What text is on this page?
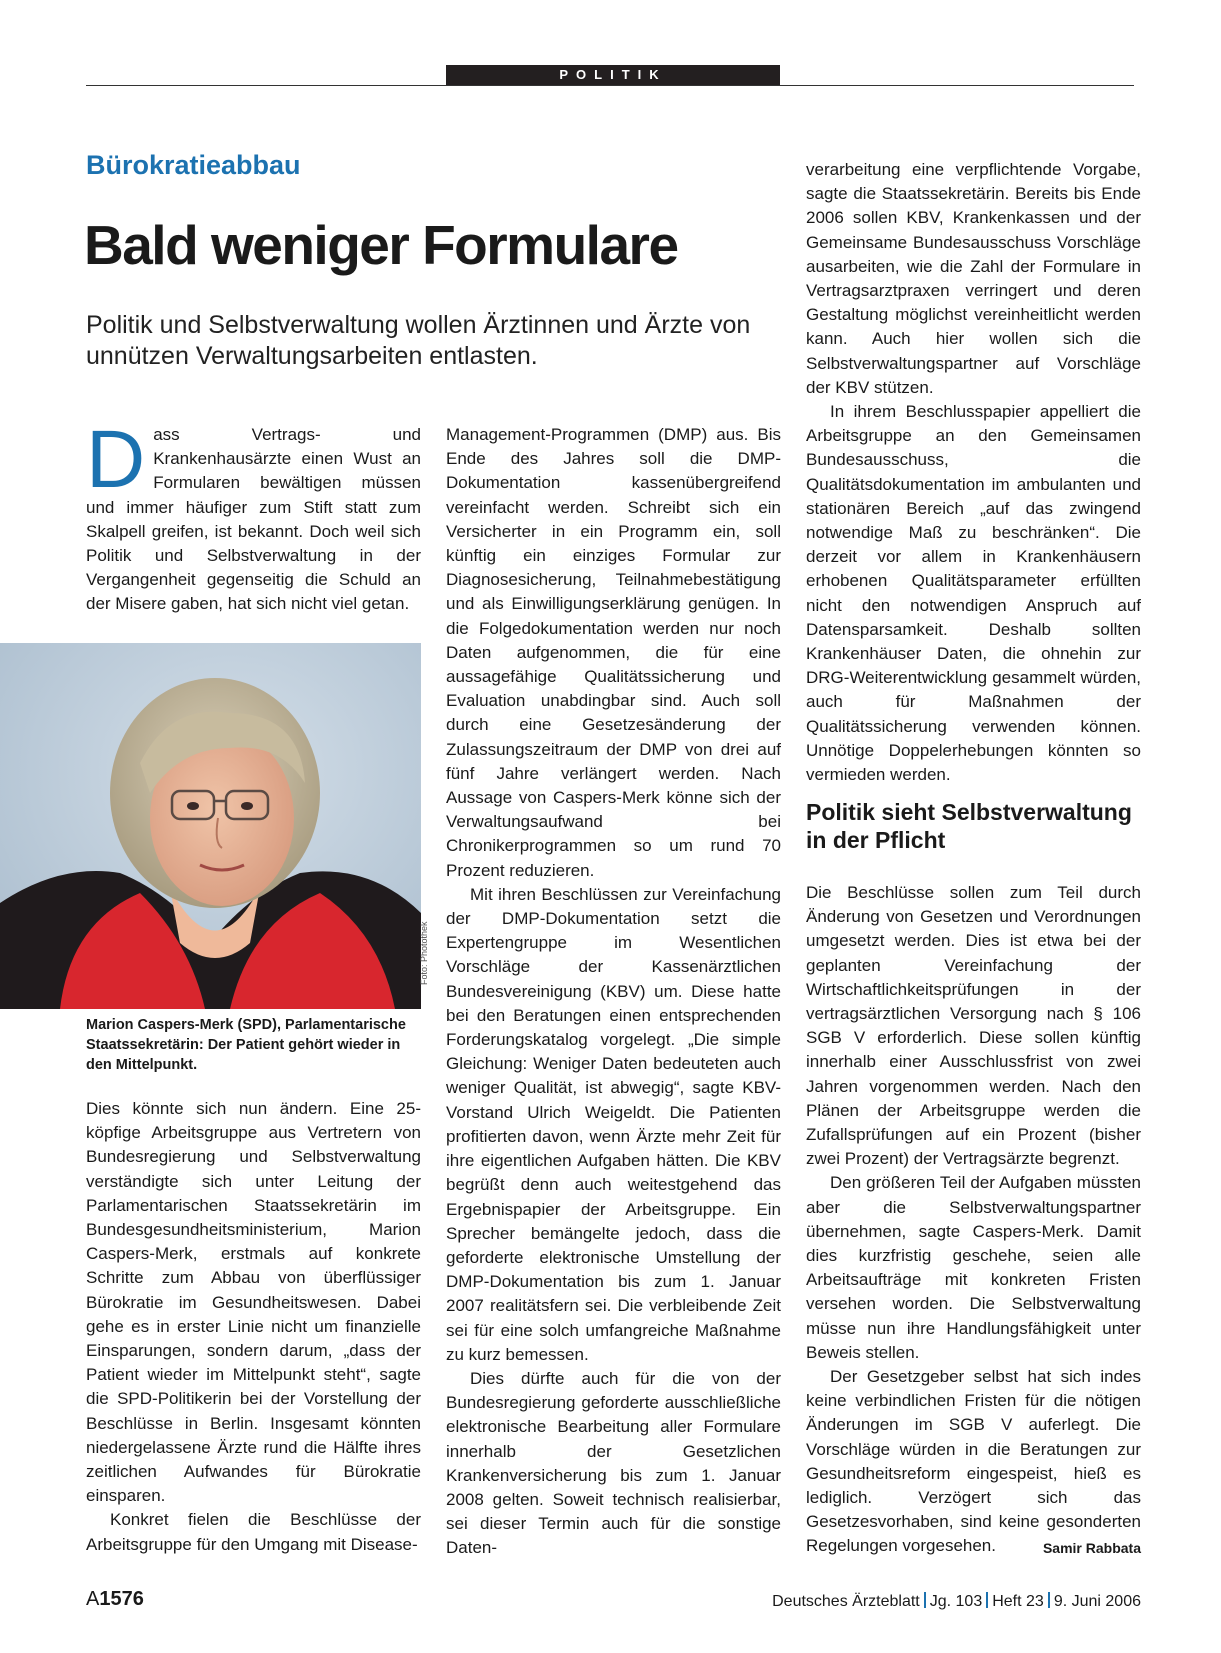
POLITIK
Bürokratieabbau
Bald weniger Formulare

Politik und Selbstverwaltung wollen Ärztinnen und Ärzte von unnützen Verwaltungsarbeiten entlasten.

Dass Vertrags- und Krankenhausärzte einen Wust an Formularen bewältigen müssen und immer häufiger zum Stift statt zum Skalpell greifen, ist bekannt. Doch weil sich Politik und Selbstverwaltung in der Vergangenheit gegenseitig die Schuld an der Misere gaben, hat sich nicht viel getan.

Foto: Photothek

Marion Caspers-Merk (SPD), Parlamentarische Staatssekretärin: Der Patient gehört wieder in den Mittelpunkt.

Dies könnte sich nun ändern. Eine 25-köpfige Arbeitsgruppe aus Vertretern von Bundesregierung und Selbstverwaltung verständigte sich unter Leitung der Parlamentarischen Staatssekretärin im Bundesgesundheitsministerium, Marion Caspers-Merk, erstmals auf konkrete Schritte zum Abbau von überflüssiger Bürokratie im Gesundheitswesen. Dabei gehe es in erster Linie nicht um finanzielle Einsparungen, sondern darum, „dass der Patient wieder im Mittelpunkt steht“, sagte die SPD-Politikerin bei der Vorstellung der Beschlüsse in Berlin. Insgesamt könnten niedergelassene Ärzte rund die Hälfte ihres zeitlichen Aufwandes für Bürokratie einsparen.

Konkret fielen die Beschlüsse der Arbeitsgruppe für den Umgang mit Disease-

Management-Programmen (DMP) aus. Bis Ende des Jahres soll die DMP-Dokumentation kassenübergreifend vereinfacht werden. Schreibt sich ein Versicherter in ein Programm ein, soll künftig ein einziges Formular zur Diagnosesicherung, Teilnahmebestätigung und als Einwilligungserklärung genügen. In die Folgedokumentation werden nur noch Daten aufgenommen, die für eine aussagefähige Qualitätssicherung und Evaluation unabdingbar sind. Auch soll durch eine Gesetzesänderung der Zulassungszeitraum der DMP von drei auf fünf Jahre verlängert werden. Nach Aussage von Caspers-Merk könne sich der Verwaltungsaufwand bei Chronikerprogrammen so um rund 70 Prozent reduzieren.

Mit ihren Beschlüssen zur Vereinfachung der DMP-Dokumentation setzt die Expertengruppe im Wesentlichen Vorschläge der Kassenärztlichen Bundesvereinigung (KBV) um. Diese hatte bei den Beratungen einen entsprechenden Forderungskatalog vorgelegt. „Die simple Gleichung: Weniger Daten bedeuteten auch weniger Qualität, ist abwegig“, sagte KBV-Vorstand Ulrich Weigeldt. Die Patienten profitierten davon, wenn Ärzte mehr Zeit für ihre eigentlichen Aufgaben hätten. Die KBV begrüßt denn auch weitestgehend das Ergebnispapier der Arbeitsgruppe. Ein Sprecher bemängelte jedoch, dass die geforderte elektronische Umstellung der DMP-Dokumentation bis zum 1. Januar 2007 realitätsfern sei. Die verbleibende Zeit sei für eine solch umfangreiche Maßnahme zu kurz bemessen.

Dies dürfte auch für die von der Bundesregierung geforderte ausschließliche elektronische Bearbeitung aller Formulare innerhalb der Gesetzlichen Krankenversicherung bis zum 1. Januar 2008 gelten. Soweit technisch realisierbar, sei dieser Termin auch für die sonstige Daten-

verarbeitung eine verpflichtende Vorgabe, sagte die Staatssekretärin. Bereits bis Ende 2006 sollen KBV, Krankenkassen und der Gemeinsame Bundesausschuss Vorschläge ausarbeiten, wie die Zahl der Formulare in Vertragsarztpraxen verringert und deren Gestaltung möglichst vereinheitlicht werden kann. Auch hier wollen sich die Selbstverwaltungspartner auf Vorschläge der KBV stützen.

In ihrem Beschlusspapier appelliert die Arbeitsgruppe an den Gemeinsamen Bundesausschuss, die Qualitätsdokumentation im ambulanten und stationären Bereich „auf das zwingend notwendige Maß zu beschränken“. Die derzeit vor allem in Krankenhäusern erhobenen Qualitätsparameter erfüllten nicht den notwendigen Anspruch auf Datensparsamkeit. Deshalb sollten Krankenhäuser Daten, die ohnehin zur DRG-Weiterentwicklung gesammelt würden, auch für Maßnahmen der Qualitätssicherung verwenden können. Unnötige Doppelerhebungen könnten so vermieden werden.

Politik sieht Selbstverwaltung in der Pflicht

Die Beschlüsse sollen zum Teil durch Änderung von Gesetzen und Verordnungen umgesetzt werden. Dies ist etwa bei der geplanten Vereinfachung der Wirtschaftlichkeitsprüfungen in der vertragsärztlichen Versorgung nach § 106 SGB V erforderlich. Diese sollen künftig innerhalb einer Ausschlussfrist von zwei Jahren vorgenommen werden. Nach den Plänen der Arbeitsgruppe werden die Zufallsprüfungen auf ein Prozent (bisher zwei Prozent) der Vertragsärzte begrenzt.

Den größeren Teil der Aufgaben müssten aber die Selbstverwaltungspartner übernehmen, sagte Caspers-Merk. Damit dies kurzfristig geschehe, seien alle Arbeitsaufträge mit konkreten Fristen versehen worden. Die Selbstverwaltung müsse nun ihre Handlungsfähigkeit unter Beweis stellen.

Der Gesetzgeber selbst hat sich indes keine verbindlichen Fristen für die nötigen Änderungen im SGB V auferlegt. Die Vorschläge würden in die Beratungen zur Gesundheitsreform eingespeist, hieß es lediglich. Verzögert sich das Gesetzesvorhaben, sind keine gesonderten Regelungen vorgesehen.	Samir Rabbata

A1576	Deutsches Ärzteblatt Jg. 103 Heft 23 9. Juni 2006
